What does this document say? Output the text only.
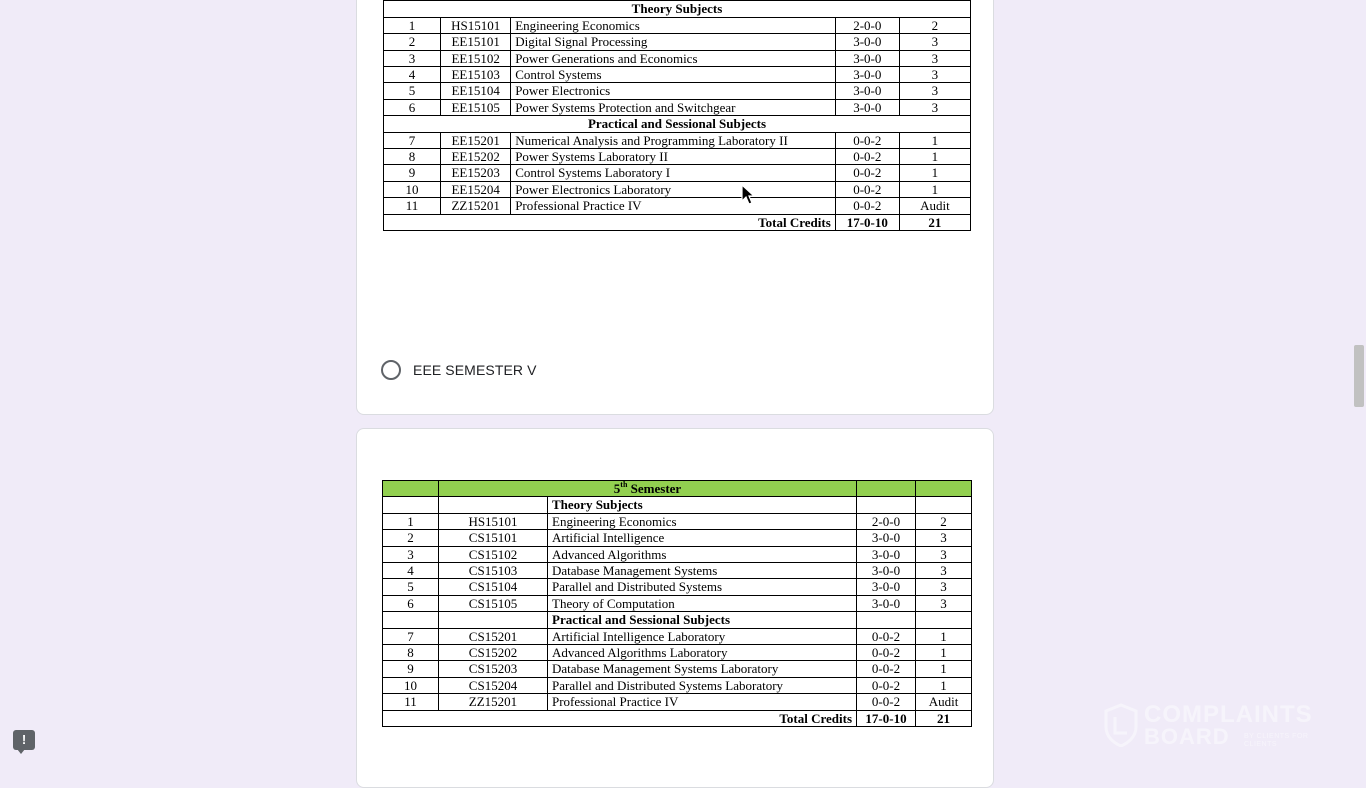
Theory Subjects				
1	HS15101	Engineering Economics	2-0-0	2
2	EE15101	Digital Signal Processing	3-0-0	3
3	EE15102	Power Generations and Economics	3-0-0	3
4	EE15103	Control Systems	3-0-0	3
5	EE15104	Power Electronics	3-0-0	3
6	EE15105	Power Systems Protection and Switchgear	3-0-0	3
Practical and Sessional Subjects				
7	EE15201	Numerical Analysis and Programming Laboratory II	0-0-2	1
8	EE15202	Power Systems Laboratory II	0-0-2	1
9	EE15203	Control Systems Laboratory I	0-0-2	1
10	EE15204	Power Electronics Laboratory	0-0-2	1
11	ZZ15201	Professional Practice IV	0-0-2	Audit
Total Credits			17-0-10	21
EEE SEMESTER V
	5th Semester			
		Theory Subjects		
1	HS15101	Engineering Economics	2-0-0	2
2	CS15101	Artificial Intelligence	3-0-0	3
3	CS15102	Advanced Algorithms	3-0-0	3
4	CS15103	Database Management Systems	3-0-0	3
5	CS15104	Parallel and Distributed Systems	3-0-0	3
6	CS15105	Theory of Computation	3-0-0	3
		Practical and Sessional Subjects		
7	CS15201	Artificial Intelligence Laboratory	0-0-2	1
8	CS15202	Advanced Algorithms Laboratory	0-0-2	1
9	CS15203	Database Management Systems Laboratory	0-0-2	1
10	CS15204	Parallel and Distributed Systems Laboratory	0-0-2	1
11	ZZ15201	Professional Practice IV	0-0-2	Audit
Total Credits			17-0-10	21
!
COMPLAINTS
BOARD BY CLIENTS FOR CLIENTS
